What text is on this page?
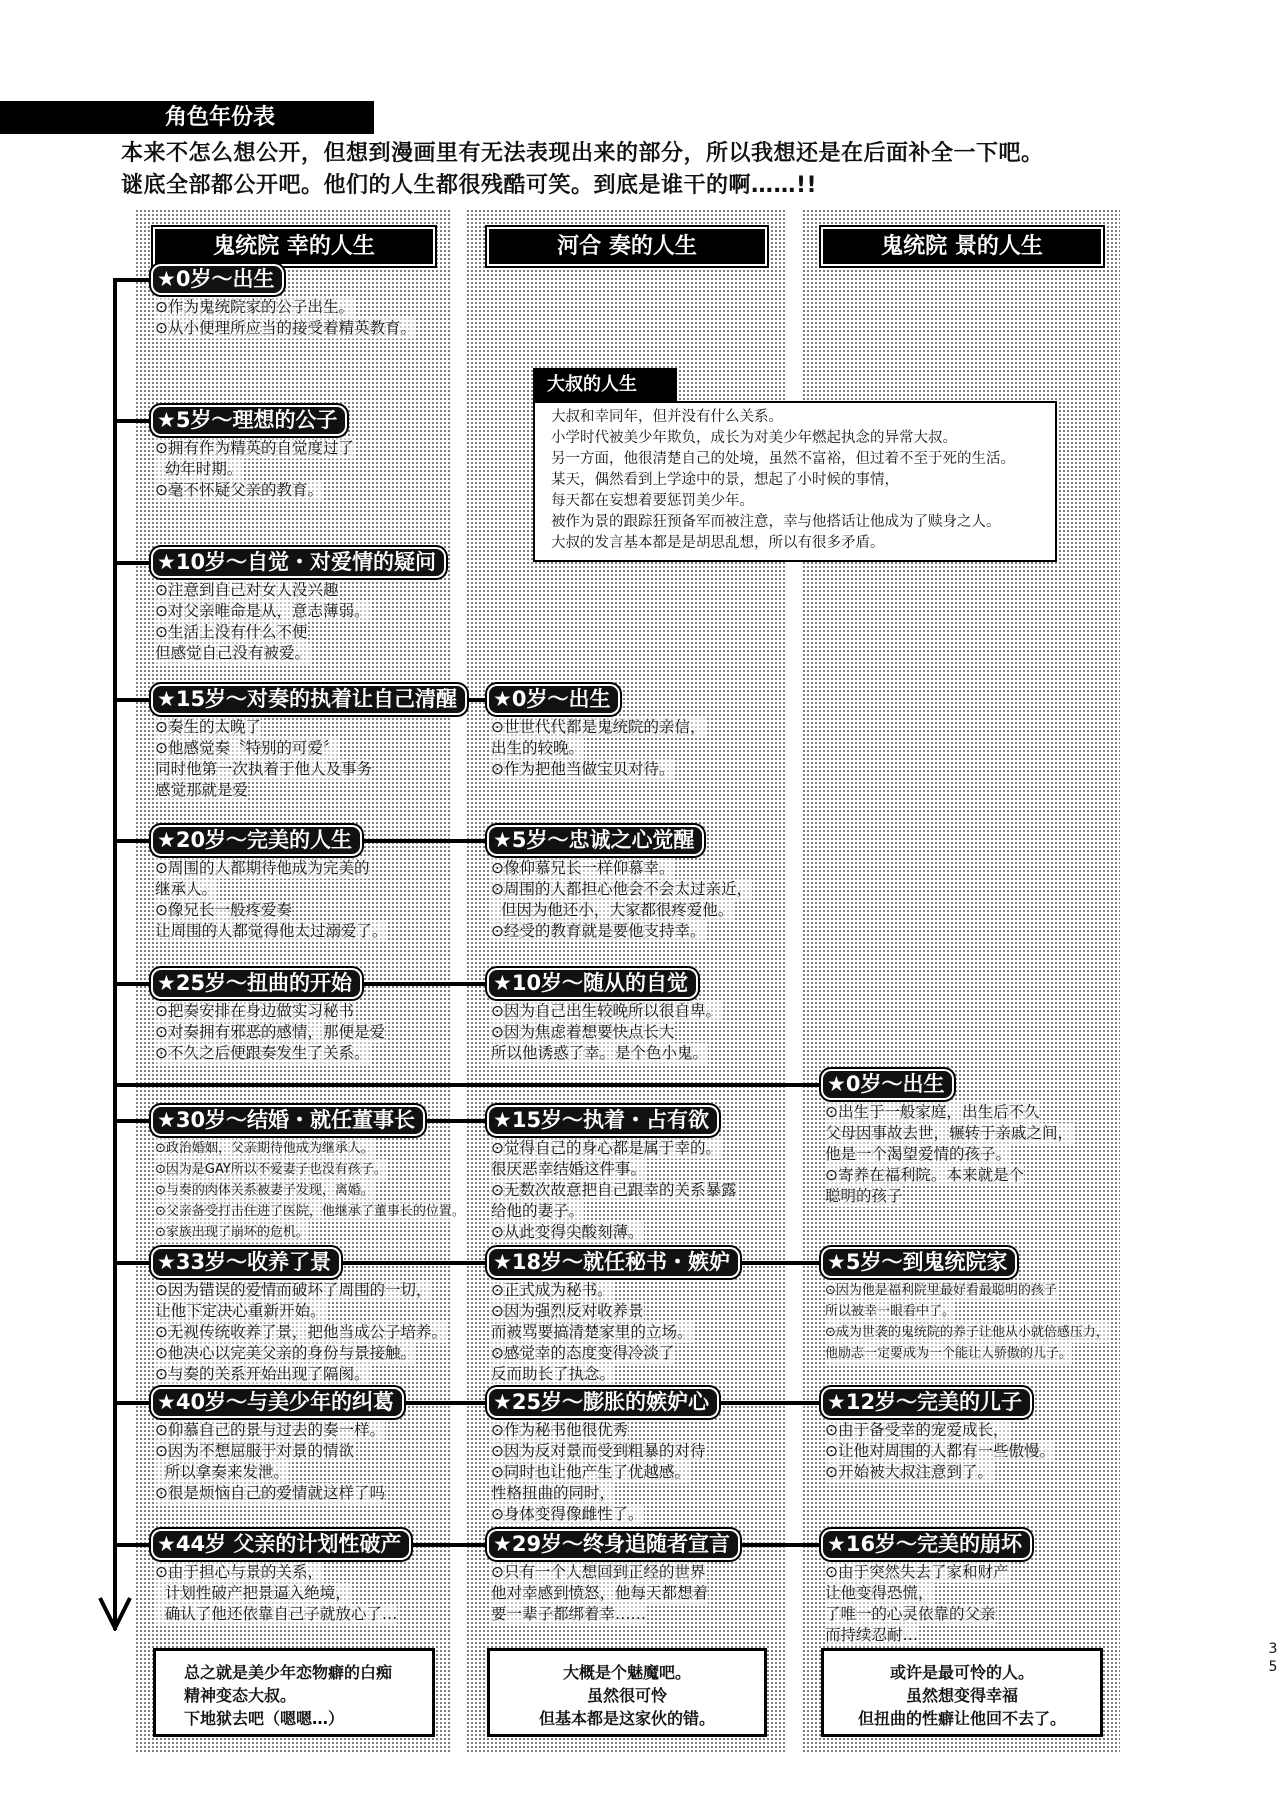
角色年份表
本来不怎么想公开，但想到漫画里有无法表现出来的部分，所以我想还是在后面补全一下吧。
谜底全部都公开吧。他们的人生都很残酷可笑。到底是谁干的啊……!!
鬼统院 幸的人生	河合 奏的人生	鬼统院 景的人生
大叔的人生
大叔和幸同年，但并没有什么关系。
小学时代被美少年欺负，成长为对美少年燃起执念的异常大叔。
另一方面，他很清楚自己的处境，虽然不富裕，但过着不至于死的生活。
某天，偶然看到上学途中的景，想起了小时候的事情，
每天都在妄想着要惩罚美少年。
被作为景的跟踪狂预备军而被注意，幸与他搭话让他成为了赎身之人。
大叔的发言基本都是是胡思乱想，所以有很多矛盾。
★0岁〜出生
⊙作为鬼统院家的公子出生。
⊙从小便理所应当的接受着精英教育。
★5岁〜理想的公子
⊙拥有作为精英的自觉度过了
幼年时期。
⊙毫不怀疑父亲的教育。
★10岁〜自觉・对爱情的疑问
⊙注意到自己对女人没兴趣
⊙对父亲唯命是从，意志薄弱。
⊙生活上没有什么不便
但感觉自己没有被爱。
★15岁〜对奏的执着让自己清醒
⊙奏生的太晚了
⊙他感觉奏〝特别的可爱〞
同时他第一次执着于他人及事务
感觉那就是爱
★20岁〜完美的人生
⊙周围的人都期待他成为完美的
继承人。
⊙像兄长一般疼爱奏
让周围的人都觉得他太过溺爱了。
★25岁〜扭曲的开始
⊙把奏安排在身边做实习秘书
⊙对奏拥有邪恶的感情，那便是爱
⊙不久之后便跟奏发生了关系。
★30岁〜结婚・就任董事长
⊙政治婚姻，父亲期待他成为继承人。
⊙因为是GAY所以不爱妻子也没有孩子。
⊙与奏的肉体关系被妻子发现，离婚。
⊙父亲备受打击住进了医院，他继承了董事长的位置。
⊙家族出现了崩坏的危机。
★33岁〜收养了景
⊙因为错误的爱情而破坏了周围的一切，
让他下定决心重新开始。
⊙无视传统收养了景，把他当成公子培养。
⊙他决心以完美父亲的身份与景接触。
⊙与奏的关系开始出现了隔阂。
★40岁〜与美少年的纠葛
⊙仰慕自己的景与过去的奏一样。
⊙因为不想屈服于对景的情欲
所以拿奏来发泄。
⊙很是烦恼自己的爱情就这样了吗
★44岁 父亲的计划性破产
⊙由于担心与景的关系，
计划性破产把景逼入绝境，
确认了他还依靠自己子就放心了…
★0岁〜出生
⊙世世代代都是鬼统院的亲信，
出生的较晚。
⊙作为把他当做宝贝对待。
★5岁〜忠诚之心觉醒
⊙像仰慕兄长一样仰慕幸。
⊙周围的人都担心他会不会太过亲近，
但因为他还小，大家都很疼爱他。
⊙经受的教育就是要他支持幸。
★10岁〜随从的自觉
⊙因为自己出生较晚所以很自卑。
⊙因为焦虑着想要快点长大
所以他诱惑了幸。是个色小鬼。
★15岁〜执着・占有欲
⊙觉得自己的身心都是属于幸的。
很厌恶幸结婚这件事。
⊙无数次故意把自己跟幸的关系暴露
给他的妻子。
⊙从此变得尖酸刻薄。
★18岁〜就任秘书・嫉妒
⊙正式成为秘书。
⊙因为强烈反对收养景
而被骂要搞清楚家里的立场。
⊙感觉幸的态度变得冷淡了
反而助长了执念。
★25岁〜膨胀的嫉妒心
⊙作为秘书他很优秀
⊙因为反对景而受到粗暴的对待
⊙同时也让他产生了优越感。
性格扭曲的同时，
⊙身体变得像雌性了。
★29岁〜终身追随者宣言
⊙只有一个人想回到正经的世界
他对幸感到愤怒，他每天都想着
要一辈子都绑着幸……
★0岁〜出生
⊙出生于一般家庭，出生后不久
父母因事故去世，辗转于亲戚之间，
他是一个渴望爱情的孩子。
⊙寄养在福利院。本来就是个
聪明的孩子
★5岁〜到鬼统院家
⊙因为他是福利院里最好看最聪明的孩子
所以被幸一眼看中了。
⊙成为世袭的鬼统院的养子让他从小就倍感压力，
他励志一定要成为一个能让人骄傲的儿子。
★12岁〜完美的儿子
⊙由于备受幸的宠爱成长，
⊙让他对周围的人都有一些傲慢。
⊙开始被大叔注意到了。
★16岁〜完美的崩坏
⊙由于突然失去了家和财产
让他变得恐慌，
了唯一的心灵依靠的父亲
而持续忍耐…
总之就是美少年恋物癖的白痴
精神变态大叔。
下地狱去吧（嗯嗯…）
大概是个魅魔吧。
虽然很可怜
但基本都是这家伙的错。
或许是最可怜的人。
虽然想变得幸福
但扭曲的性癖让他回不去了。
3
5
